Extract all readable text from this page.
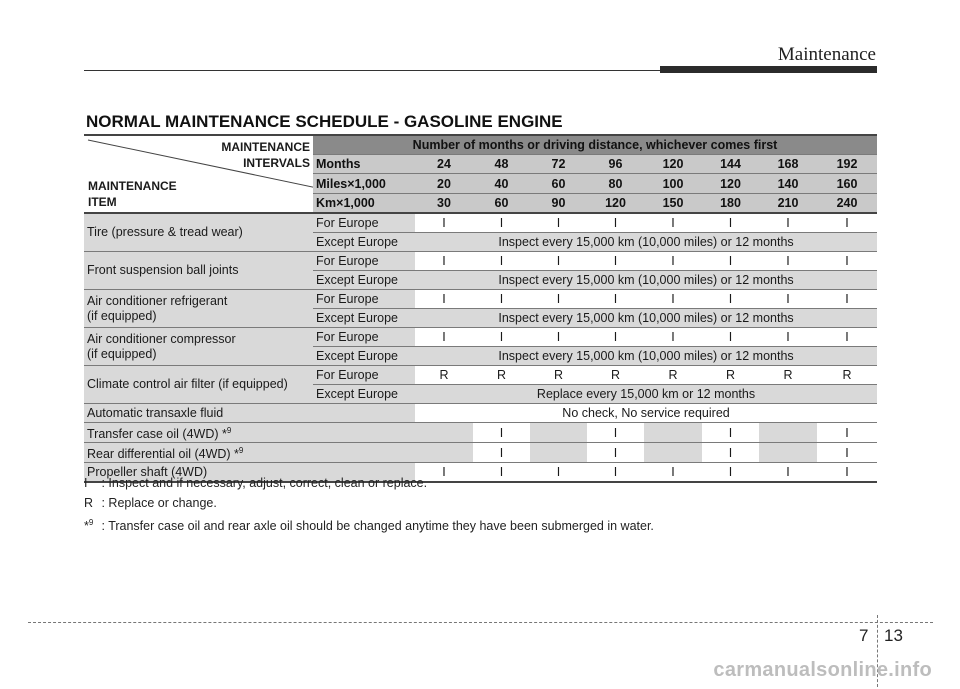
Maintenance
NORMAL MAINTENANCE SCHEDULE - GASOLINE ENGINE
MAINTENANCE
INTERVALS
MAINTENANCE
ITEM	Number of months or driving distance, whichever comes first								
	Months	24	48	72	96	120	144	168	192
	Miles×1,000	20	40	60	80	100	120	140	160
	Km×1,000	30	60	90	120	150	180	210	240
Tire (pressure & tread wear)	For Europe	I	I	I	I	I	I	I	I
	Except Europe	Inspect every 15,000 km (10,000 miles) or 12 months							
Front suspension ball joints	For Europe	I	I	I	I	I	I	I	I
	Except Europe	Inspect every 15,000 km (10,000 miles) or 12 months							
Air conditioner refrigerant
(if equipped)	For Europe	I	I	I	I	I	I	I	I
	Except Europe	Inspect every 15,000 km (10,000 miles) or 12 months							
Air conditioner compressor
(if equipped)	For Europe	I	I	I	I	I	I	I	I
	Except Europe	Inspect every 15,000 km (10,000 miles) or 12 months							
Climate control air filter (if equipped)	For Europe	R	R	R	R	R	R	R	R
	Except Europe	Replace every 15,000 km or 12 months							
Automatic transaxle fluid		No check, No service required							
Transfer case oil (4WD) *$^9$			I		I		I		I
Rear differential oil (4WD) *$^9$			I		I		I		I
Propeller shaft (4WD)		I	I	I	I	I	I	I	I
I : Inspect and if necessary, adjust, correct, clean or replace.
R : Replace or change.
*$^9$ : Transfer case oil and rear axle oil should be changed anytime they have been submerged in water.
7 13
carmanualsonline.info
